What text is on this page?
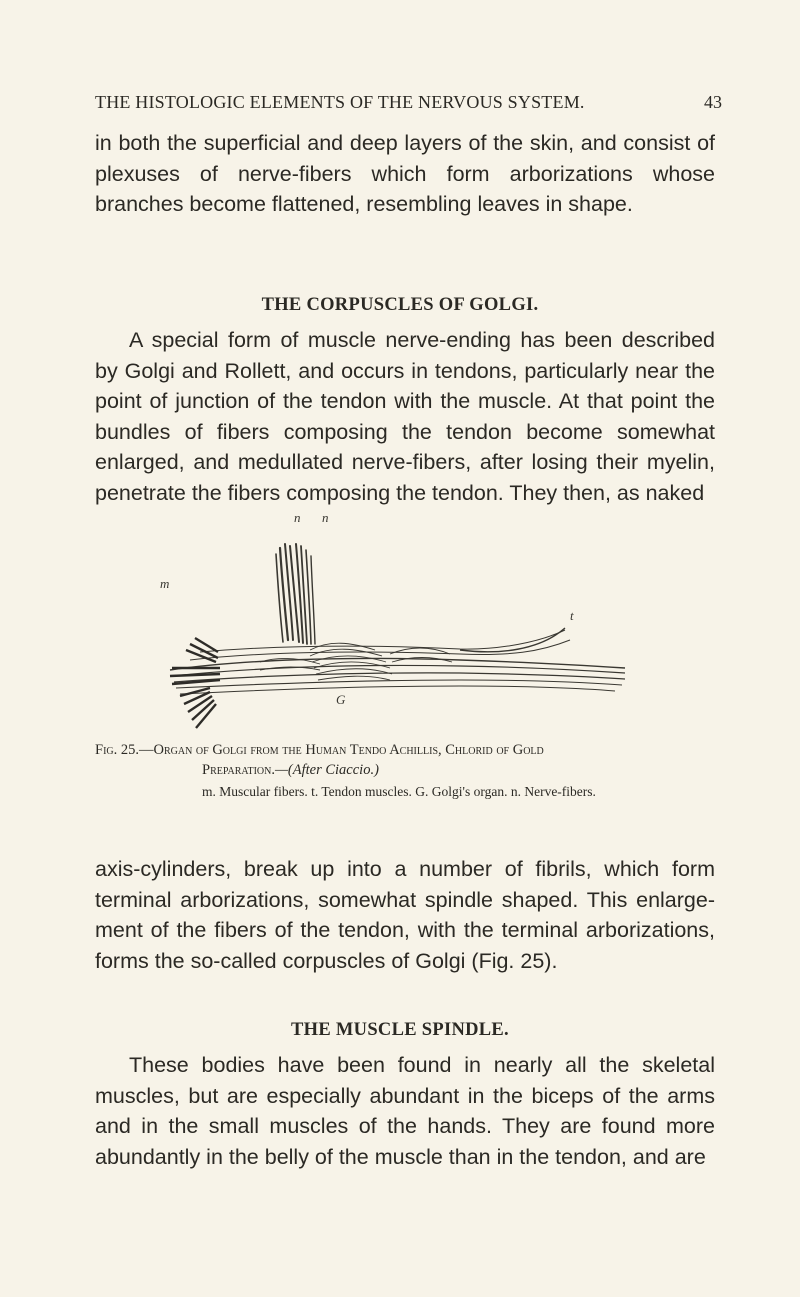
THE HISTOLOGIC ELEMENTS OF THE NERVOUS SYSTEM.	43

in both the superficial and deep layers of the skin, and consist of plexuses of nerve-fibers which form arborizations whose branches become flattened, resembling leaves in shape.

THE CORPUSCLES OF GOLGI.

A special form of muscle nerve-ending has been described by Golgi and Rollett, and occurs in tendons, particularly near the point of junction of the tendon with the muscle. At that point the bundles of fibers composing the tendon become somewhat enlarged, and medullated nerve-fibers, after losing their myelin, penetrate the fibers composing the tendon. They then, as naked

n n
m
t
G

Fig. 25.—Organ of Golgi from the Human Tendo Achillis, Chlorid of Gold

Preparation.—(After Ciaccio.)

m. Muscular fibers. t. Tendon muscles. G. Golgi's organ. n. Nerve-fibers.

axis-cylinders, break up into a number of fibrils, which form terminal arborizations, somewhat spindle shaped. This enlarge-ment of the fibers of the tendon, with the terminal arborizations, forms the so-called corpuscles of Golgi (Fig. 25).

THE MUSCLE SPINDLE.

These bodies have been found in nearly all the skeletal muscles, but are especially abundant in the biceps of the arms and in the small muscles of the hands. They are found more abundantly in the belly of the muscle than in the tendon, and are
